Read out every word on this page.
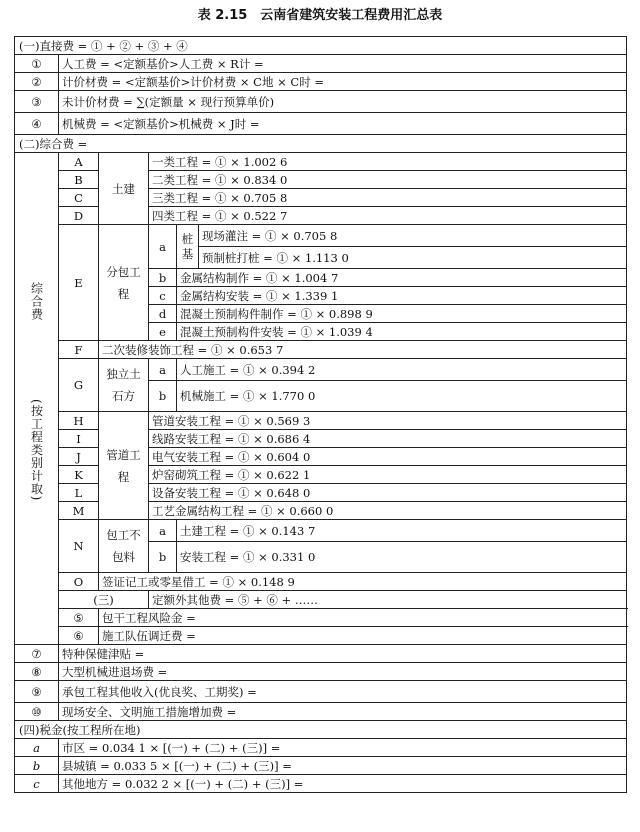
表 2.15　云南省建筑安装工程费用汇总表
(一)直接费 = ① + ② + ③ + ④					
①	人工费 = <定额基价>人工费 × R计 =				
②	计价材费 = <定额基价>计价材费 × C地 × C时 =				
③	未计价材费 = ∑(定额量 × 现行预算单价)				
④	机械费 = <定额基价>机械费 × J时 =				
(二)综合费 =					

综合费
(按工程类别计取)	A	土建	一类工程 = ① × 1.002 6		
	B		二类工程 = ① × 0.834 0		
	C		三类工程 = ① × 0.705 8		
	D		四类工程 = ① × 0.522 7		
	E	分包工程	a	桩基	现场灌注 = ① × 0.705 8
					预制桩打桩 = ① × 1.113 0
			b	金属结构制作 = ① × 1.004 7	
			c	金属结构安装 = ① × 1.339 1	
			d	混凝土预制构件制作 = ① × 0.898 9	
			e	混凝土预制构件安装 = ① × 1.039 4	
	F	二次装修装饰工程 = ① × 0.653 7			
	G	独立土石方	a	人工施工 = ① × 0.394 2	
			b	机械施工 = ① × 1.770 0	
	H	管道工程	管道安装工程 = ① × 0.569 3		
	I		线路安装工程 = ① × 0.686 4		
	J		电气安装工程 = ① × 0.604 0		
	K		炉窑砌筑工程 = ① × 0.622 1		
	L		设备安装工程 = ① × 0.648 0		
	M		工艺金属结构工程 = ① × 0.660 0		
	N	包工不包料	a	土建工程 = ① × 0.143 7	
			b	安装工程 = ① × 0.331 0	
	O	签证记工或零星借工 = ① × 0.148 9			
	(三)		定额外其他费 = ⑤ + ⑥ + ……		
	⑤	包干工程风险金 =			
	⑥	施工队伍调迁费 =			
⑦	特种保健津贴 =				
⑧	大型机械进退场费 =				
⑨	承包工程其他收入(优良奖、工期奖) =				
⑩	现场安全、文明施工措施增加费 =				
(四)税金(按工程所在地)					
a	市区 = 0.034 1 × [(一) + (二) + (三)] =				
b	县城镇 = 0.033 5 × [(一) + (二) + (三)] =				
c	其他地方 = 0.032 2 × [(一) + (二) + (三)] =				
